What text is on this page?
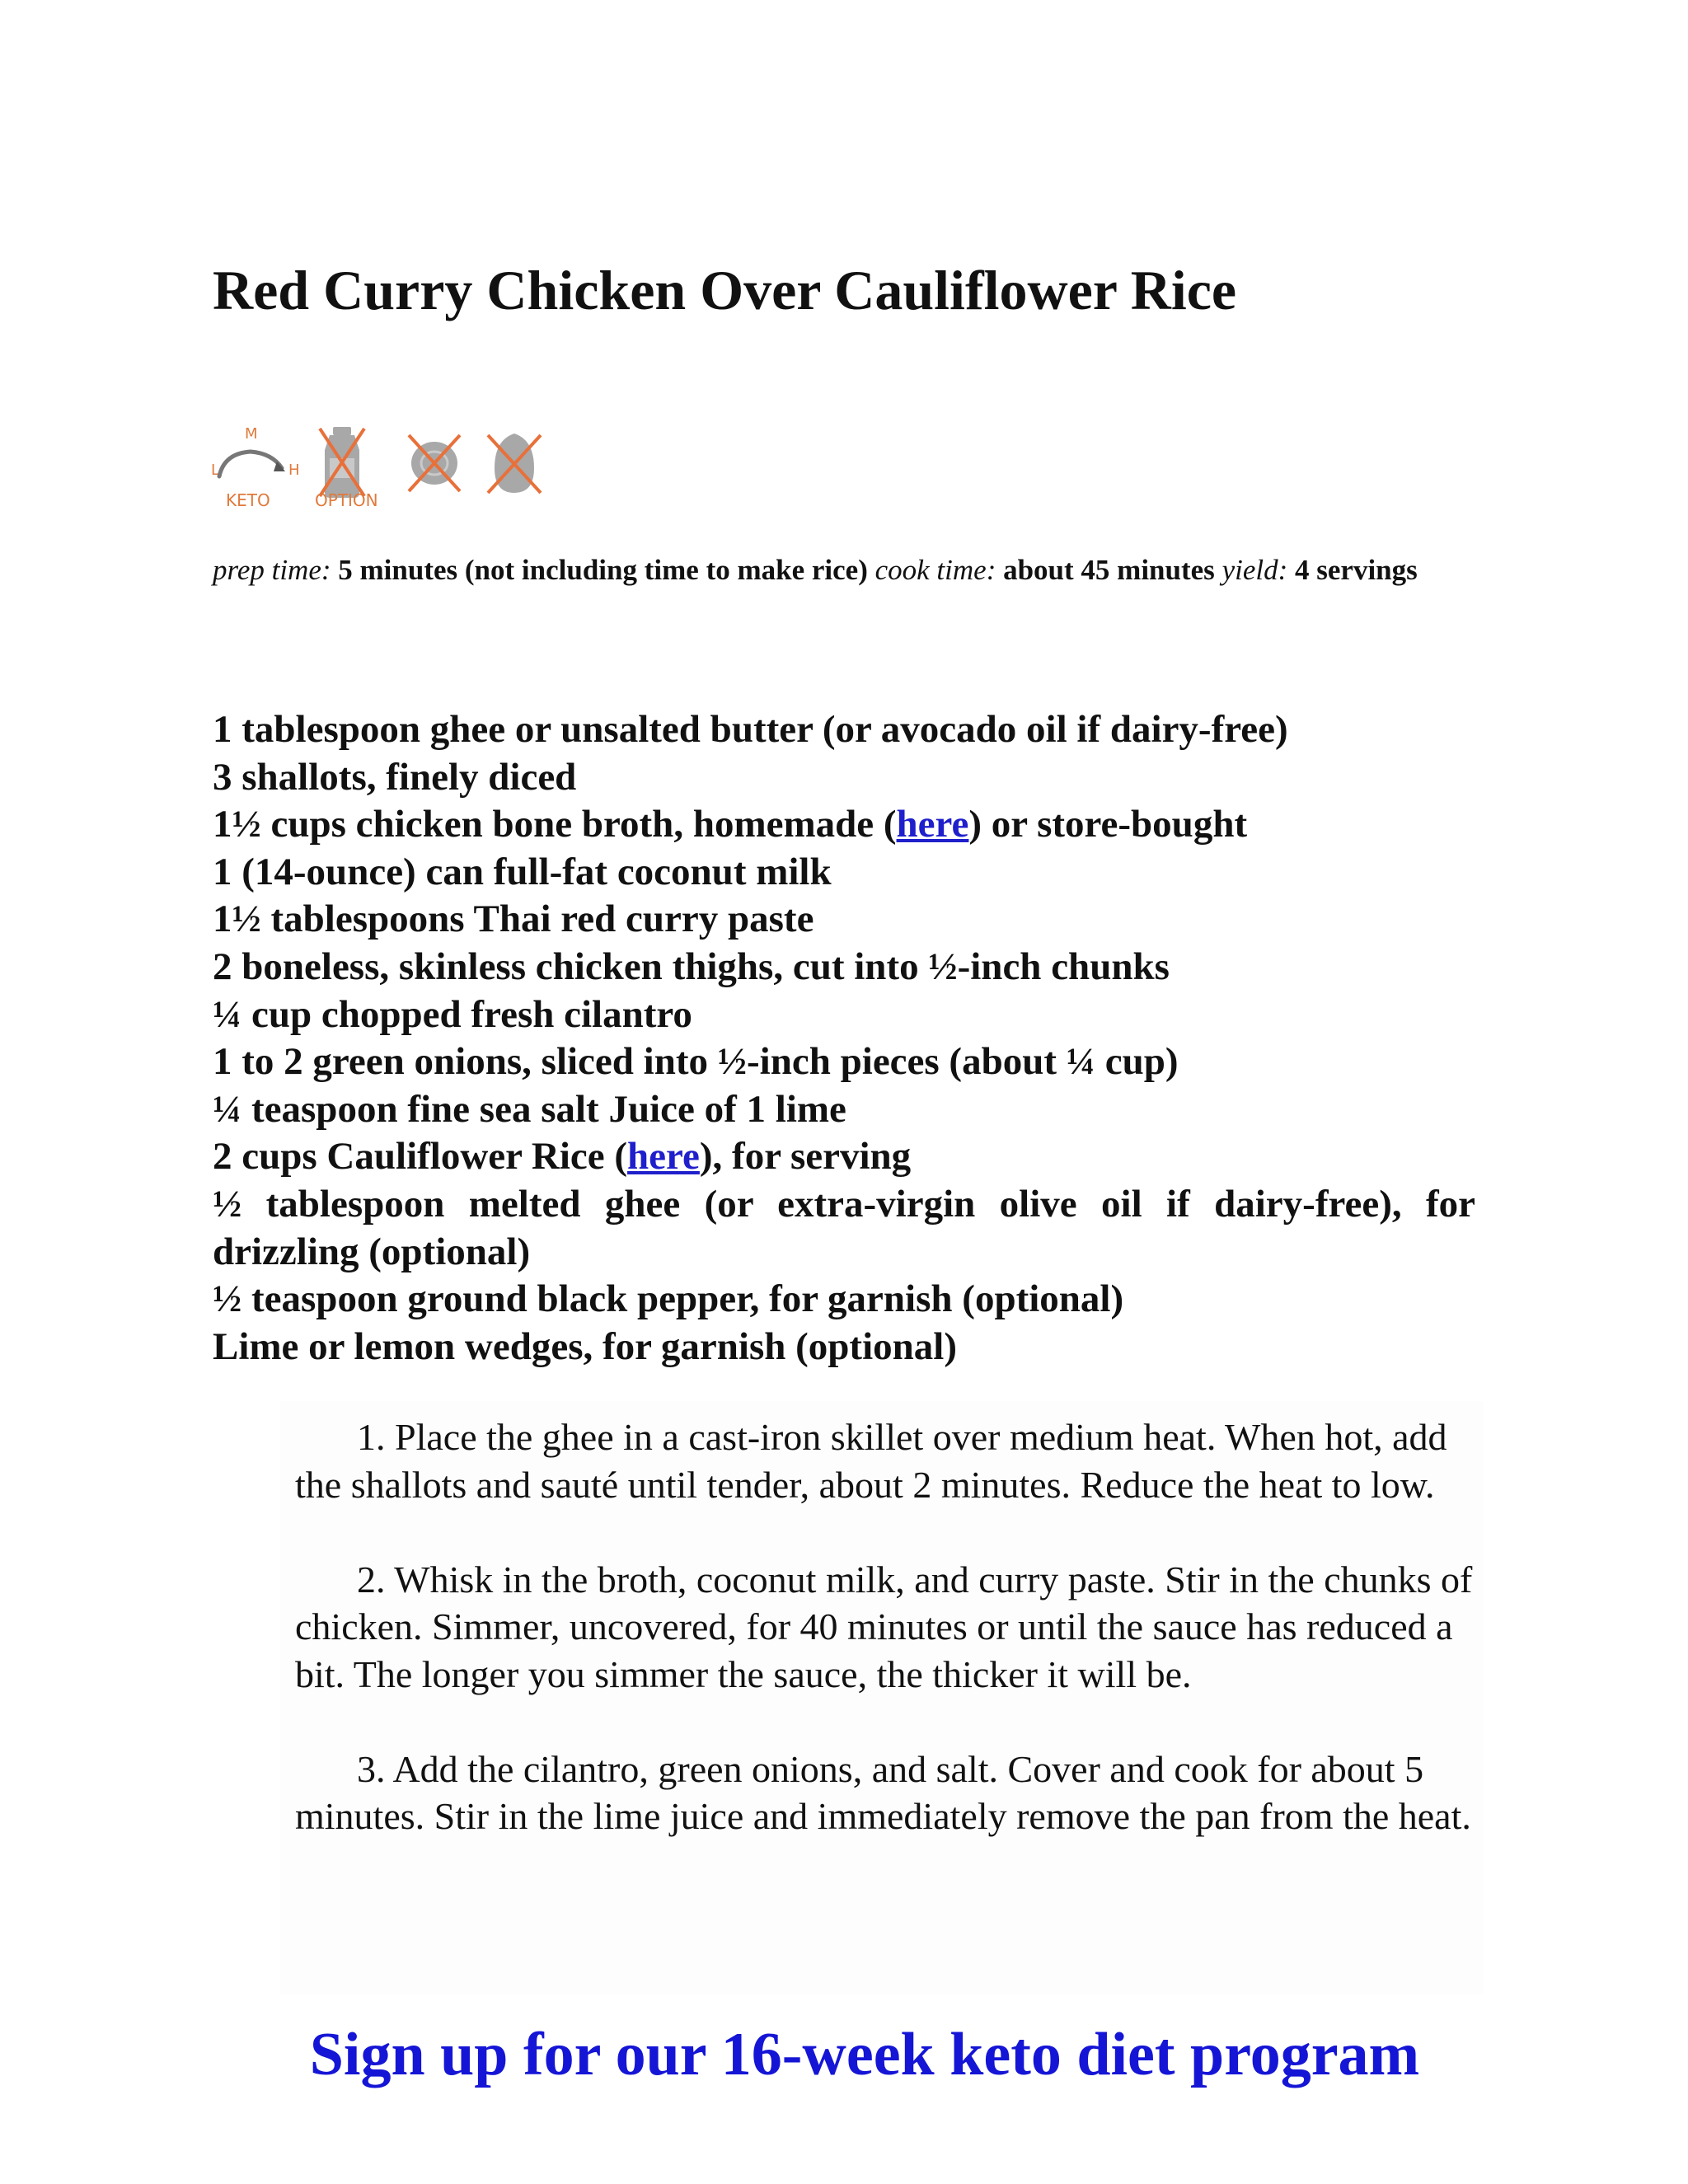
Red Curry Chicken Over Cauliflower Rice
M
L	H
KETO	OPTION

prep time: 5 minutes (not including time to make rice) cook time: about 45 minutes yield: 4 servings

1 tablespoon ghee or unsalted butter (or avocado oil if dairy-free)
3 shallots, finely diced
1½ cups chicken bone broth, homemade (here) or store-bought
1 (14-ounce) can full-fat coconut milk
1½ tablespoons Thai red curry paste
2 boneless, skinless chicken thighs, cut into ½-inch chunks
¼ cup chopped fresh cilantro
1 to 2 green onions, sliced into ½-inch pieces (about ¼ cup)
¼ teaspoon fine sea salt Juice of 1 lime
2 cups Cauliflower Rice (here), for serving
½ tablespoon melted ghee (or extra-virgin olive oil if dairy-free), for drizzling (optional)
½ teaspoon ground black pepper, for garnish (optional)
Lime or lemon wedges, for garnish (optional)

1. Place the ghee in a cast-iron skillet over medium heat. When hot, add the shallots and sauté until tender, about 2 minutes. Reduce the heat to low.

2. Whisk in the broth, coconut milk, and curry paste. Stir in the chunks of chicken. Simmer, uncovered, for 40 minutes or until the sauce has reduced a bit. The longer you simmer the sauce, the thicker it will be.

3. Add the cilantro, green onions, and salt. Cover and cook for about 5 minutes. Stir in the lime juice and immediately remove the pan from the heat.

Sign up for our 16-week keto diet program
